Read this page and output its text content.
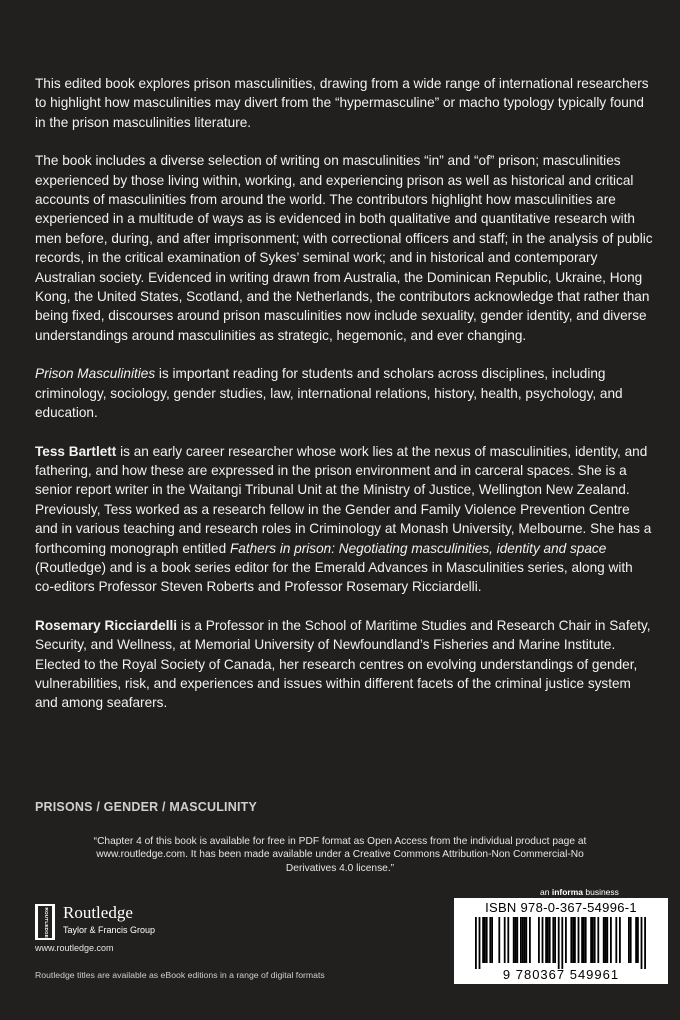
This edited book explores prison masculinities, drawing from a wide range of international researchers to highlight how masculinities may divert from the “hypermasculine” or macho typology typically found in the prison masculinities literature.

The book includes a diverse selection of writing on masculinities “in” and “of” prison; masculinities experienced by those living within, working, and experiencing prison as well as historical and critical accounts of masculinities from around the world. The contributors highlight how masculinities are experienced in a multitude of ways as is evidenced in both qualitative and quantitative research with men before, during, and after imprisonment; with correctional officers and staff; in the analysis of public records, in the critical examination of Sykes’ seminal work; and in historical and contemporary Australian society. Evidenced in writing drawn from Australia, the Dominican Republic, Ukraine, Hong Kong, the United States, Scotland, and the Netherlands, the contributors acknowledge that rather than being fixed, discourses around prison masculinities now include sexuality, gender identity, and diverse understandings around masculinities as strategic, hegemonic, and ever changing.

Prison Masculinities is important reading for students and scholars across disciplines, including criminology, sociology, gender studies, law, international relations, history, health, psychology, and education.

Tess Bartlett is an early career researcher whose work lies at the nexus of masculinities, identity, and fathering, and how these are expressed in the prison environment and in carceral spaces. She is a senior report writer in the Waitangi Tribunal Unit at the Ministry of Justice, Wellington New Zealand. Previously, Tess worked as a research fellow in the Gender and Family Violence Prevention Centre and in various teaching and research roles in Criminology at Monash University, Melbourne. She has a forthcoming monograph entitled Fathers in prison: Negotiating masculinities, identity and space (Routledge) and is a book series editor for the Emerald Advances in Masculinities series, along with co-editors Professor Steven Roberts and Professor Rosemary Ricciardelli.

Rosemary Ricciardelli is a Professor in the School of Maritime Studies and Research Chair in Safety, Security, and Wellness, at Memorial University of Newfoundland’s Fisheries and Marine Institute. Elected to the Royal Society of Canada, her research centres on evolving understandings of gender, vulnerabilities, risk, and experiences and issues within different facets of the criminal justice system and among seafarers.

PRISONS / GENDER / MASCULINITY
“Chapter 4 of this book is available for free in PDF format as Open Access from the individual product page at www.routledge.com. It has been made available under a Creative Commons Attribution-Non Commercial-No Derivatives 4.0 license.”
an informa business
ISBN 978-0-367-54996-1
9 780367 549961
ROUTLEDGE Routledge
Taylor & Francis Group
www.routledge.com
Routledge titles are available as eBook editions in a range of digital formats
